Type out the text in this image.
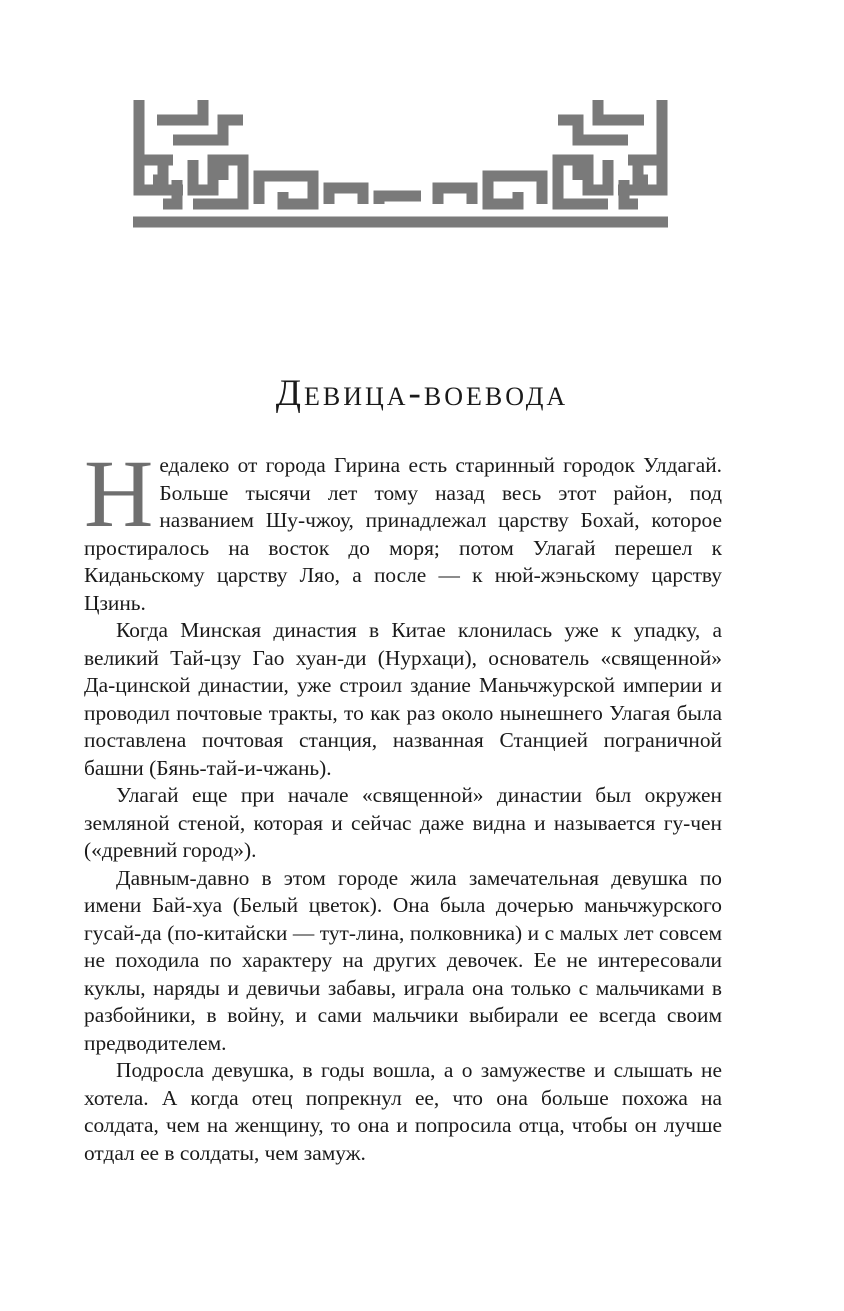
Девица-воевода

Недалеко от города Гирина есть старинный городок Улдагай. Больше тысячи лет тому назад весь этот район, под названием Шу-чжоу, принадлежал царству Бохай, которое простиралось на восток до моря; потом Улагай перешел к Киданьскому царству Ляо, а после — к нюй-жэньскому царству Цзинь.

Когда Минская династия в Китае клонилась уже к упадку, а великий Тай-цзу Гао хуан-ди (Нурхаци), основатель «священной» Да-цинской династии, уже строил здание Маньчжурской империи и проводил почтовые тракты, то как раз около нынешнего Улагая была поставлена почтовая станция, названная Станцией пограничной башни (Бянь-тай-и-чжань).

Улагай еще при начале «священной» династии был окружен земляной стеной, которая и сейчас даже видна и называется гу-чен («древний город»).

Давным-давно в этом городе жила замечательная девушка по имени Бай-хуа (Белый цветок). Она была дочерью маньчжурского гусай-да (по-китайски — тут-лина, полковника) и с малых лет совсем не походила по характеру на других девочек. Ее не интересовали куклы, наряды и девичьи забавы, играла она только с мальчиками в разбойники, в войну, и сами мальчики выбирали ее всегда своим предводителем.

Подросла девушка, в годы вошла, а о замужестве и слышать не хотела. А когда отец попрекнул ее, что она больше похожа на солдата, чем на женщину, то она и попросила отца, чтобы он лучше отдал ее в солдаты, чем замуж.
